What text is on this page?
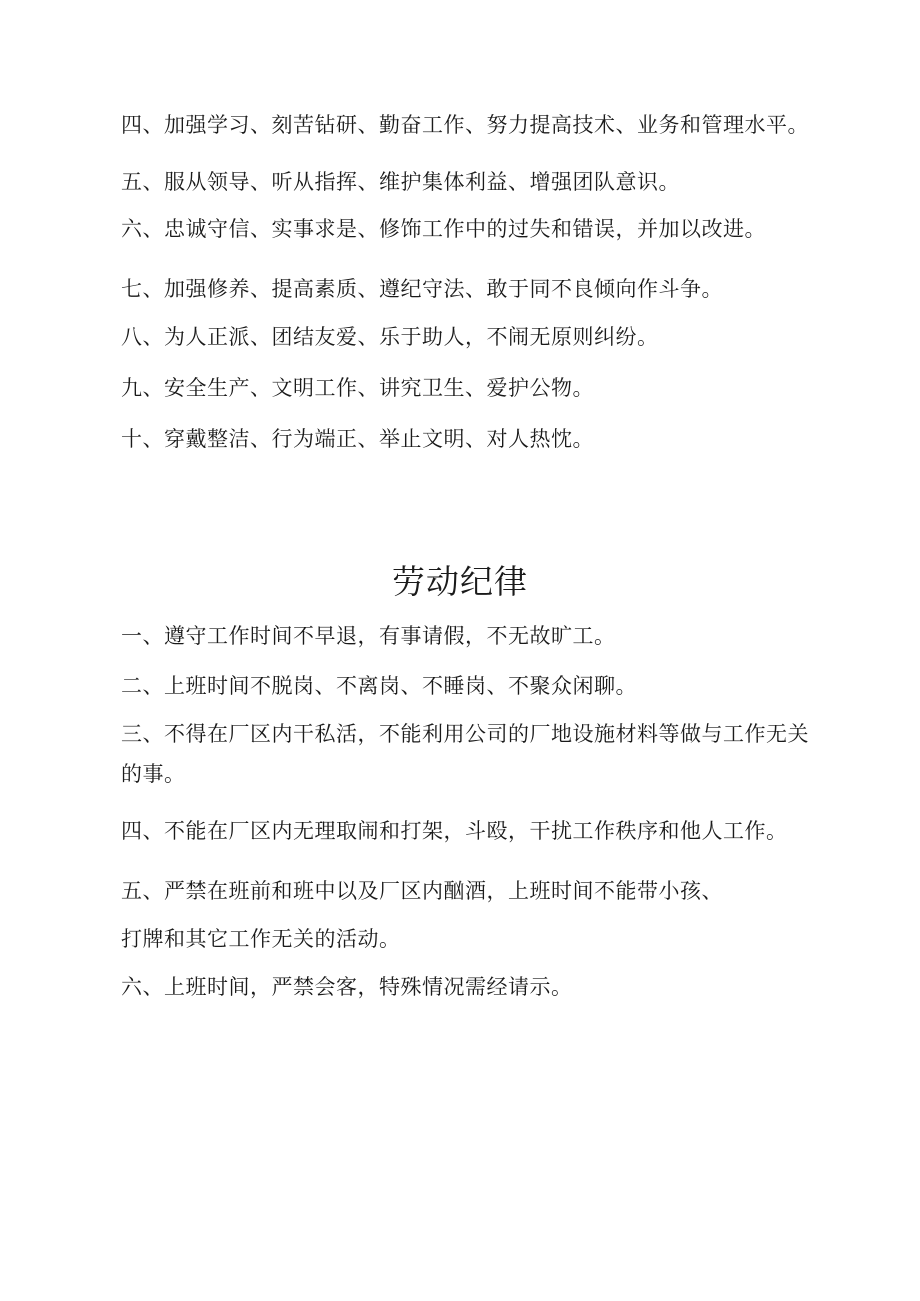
四、加强学习、刻苦钻研、勤奋工作、努力提高技术、业务和管理水平。
五、服从领导、听从指挥、维护集体利益、增强团队意识。
六、忠诚守信、实事求是、修饰工作中的过失和错误，并加以改进。
七、加强修养、提高素质、遵纪守法、敢于同不良倾向作斗争。
八、为人正派、团结友爱、乐于助人，不闹无原则纠纷。
九、安全生产、文明工作、讲究卫生、爱护公物。
十、穿戴整洁、行为端正、举止文明、对人热忱。
劳动纪律
一、遵守工作时间不早退，有事请假，不无故旷工。
二、上班时间不脱岗、不离岗、不睡岗、不聚众闲聊。
三、不得在厂区内干私活，不能利用公司的厂地设施材料等做与工作无关
的事。
四、不能在厂区内无理取闹和打架，斗殴，干扰工作秩序和他人工作。
五、严禁在班前和班中以及厂区内酗酒，上班时间不能带小孩、
打牌和其它工作无关的活动。
六、上班时间，严禁会客，特殊情况需经请示。
